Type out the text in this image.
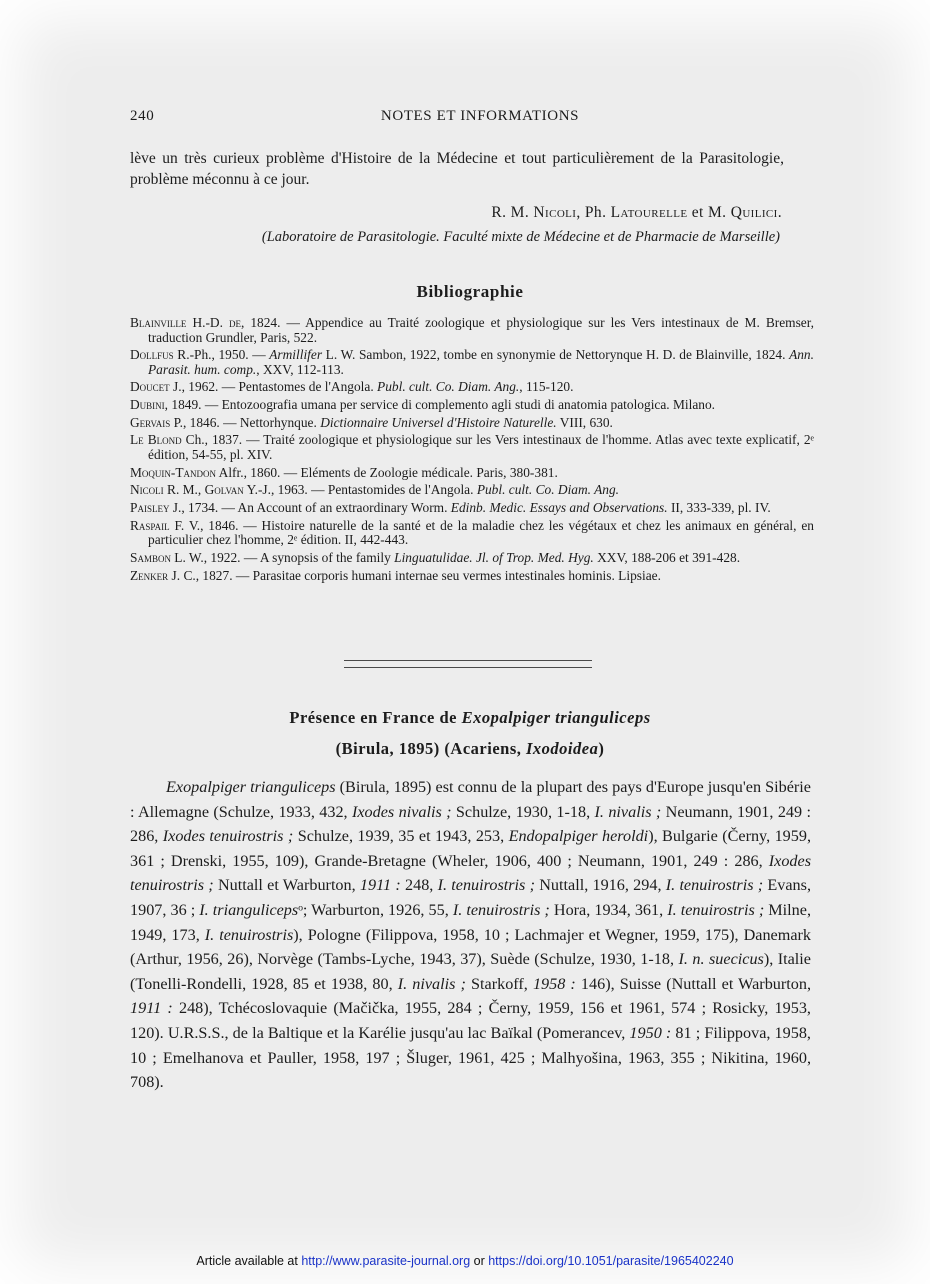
240	NOTES ET INFORMATIONS

lève un très curieux problème d'Histoire de la Médecine et tout particulièrement de la Parasitologie, problème méconnu à ce jour.

R. M. Nicoli, Ph. Latourelle et M. Quilici.
(Laboratoire de Parasitologie. Faculté mixte de Médecine et de Pharmacie de Marseille)
Bibliographie
Blainville H.-D. de, 1824. — Appendice au Traité zoologique et physiologique sur les Vers intestinaux de M. Bremser, traduction Grundler, Paris, 522.
Dollfus R.-Ph., 1950. — Armillifer L. W. Sambon, 1922, tombe en synonymie de Nettorynque H. D. de Blainville, 1824. Ann. Parasit. hum. comp., XXV, 112-113.
Doucet J., 1962. — Pentastomes de l'Angola. Publ. cult. Co. Diam. Ang., 115-120.
Dubini, 1849. — Entozoografia umana per service di complemento agli studi di anatomia patologica. Milano.
Gervais P., 1846. — Nettorhynque. Dictionnaire Universel d'Histoire Naturelle. VIII, 630.
Le Blond Ch., 1837. — Traité zoologique et physiologique sur les Vers intestinaux de l'homme. Atlas avec texte explicatif, 2ᵉ édition, 54-55, pl. XIV.
Moquin-Tandon Alfr., 1860. — Eléments de Zoologie médicale. Paris, 380-381.
Nicoli R. M., Golvan Y.-J., 1963. — Pentastomides de l'Angola. Publ. cult. Co. Diam. Ang.
Paisley J., 1734. — An Account of an extraordinary Worm. Edinb. Medic. Essays and Observations. II, 333-339, pl. IV.
Raspail F. V., 1846. — Histoire naturelle de la santé et de la maladie chez les végétaux et chez les animaux en général, en particulier chez l'homme, 2ᵉ édition. II, 442-443.
Sambon L. W., 1922. — A synopsis of the family Linguatulidae. Jl. of Trop. Med. Hyg. XXV, 188-206 et 391-428.
Zenker J. C., 1827. — Parasitae corporis humani internae seu vermes intestinales hominis. Lipsiae.
Présence en France de Exopalpiger trianguliceps
(Birula, 1895) (Acariens, Ixodoidea)

Exopalpiger trianguliceps (Birula, 1895) est connu de la plupart des pays d'Europe jusqu'en Sibérie : Allemagne (Schulze, 1933, 432, Ixodes nivalis ; Schulze, 1930, 1-18, I. nivalis ; Neumann, 1901, 249 : 286, Ixodes tenuirostris ; Schulze, 1939, 35 et 1943, 253, Endopalpiger heroldi), Bulgarie (Černy, 1959, 361 ; Drenski, 1955, 109), Grande-Bretagne (Wheler, 1906, 400 ; Neumann, 1901, 249 : 286, Ixodes tenuirostris ; Nuttall et Warburton, 1911 : 248, I. tenuirostris ; Nuttall, 1916, 294, I. tenuirostris ; Evans, 1907, 36 ; I. triangulicepsᵒ; Warburton, 1926, 55, I. tenuirostris ; Hora, 1934, 361, I. tenuirostris ; Milne, 1949, 173, I. tenuirostris), Pologne (Filippova, 1958, 10 ; Lachmajer et Wegner, 1959, 175), Danemark (Arthur, 1956, 26), Norvège (Tambs-Lyche, 1943, 37), Suède (Schulze, 1930, 1-18, I. n. suecicus), Italie (Tonelli-Rondelli, 1928, 85 et 1938, 80, I. nivalis ; Starkoff, 1958 : 146), Suisse (Nuttall et Warburton, 1911 : 248), Tchécoslovaquie (Mačička, 1955, 284 ; Černy, 1959, 156 et 1961, 574 ; Rosicky, 1953, 120). U.R.S.S., de la Baltique et la Karélie jusqu'au lac Baïkal (Pomerancev, 1950 : 81 ; Filippova, 1958, 10 ; Emelhanova et Pauller, 1958, 197 ; Šluger, 1961, 425 ; Malhyošina, 1963, 355 ; Nikitina, 1960, 708).

Article available at http://www.parasite-journal.org or https://doi.org/10.1051/parasite/1965402240
